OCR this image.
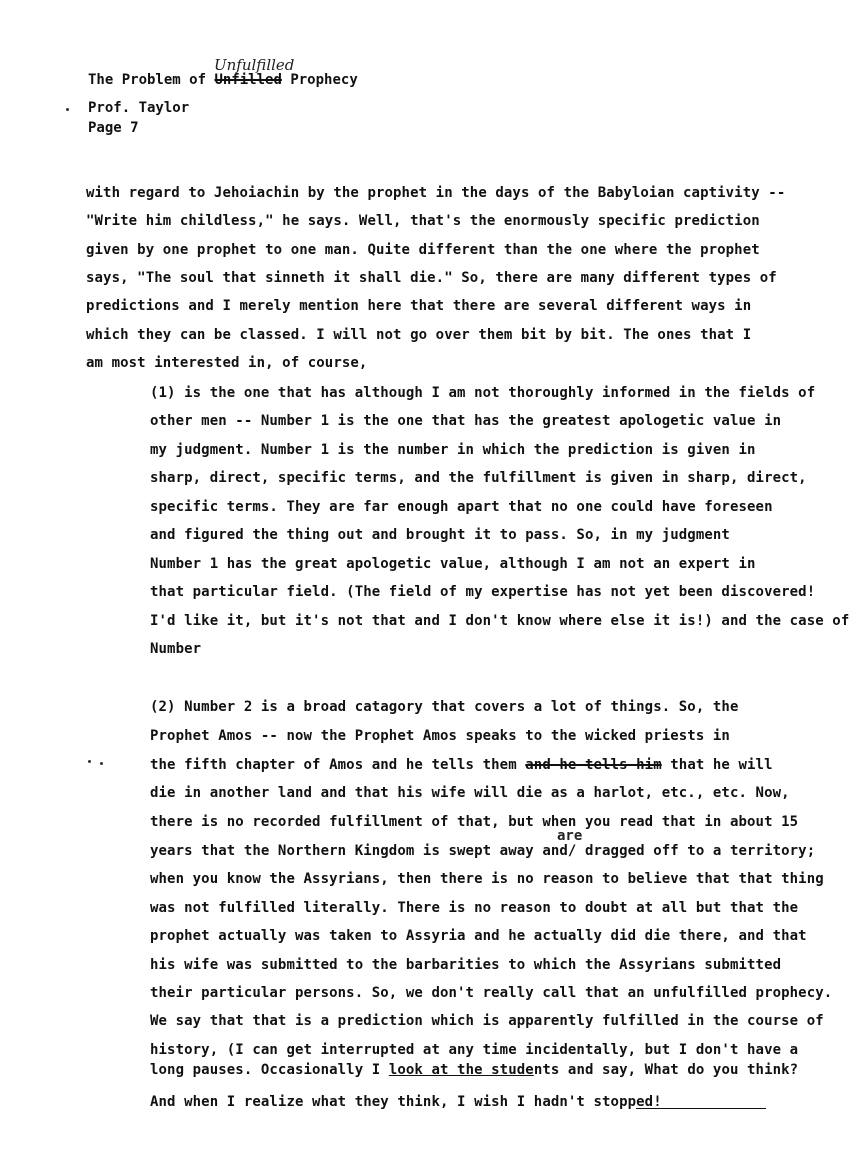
Unfulfilled
The Problem of Unfilled Prophecy
Prof. Taylor
Page 7
with regard to Jehoiachin by the prophet in the days of the Babyloian captivity --
"Write him childless," he says. Well, that's the enormously specific prediction
given by one prophet to one man. Quite different than the one where the prophet
says, "The soul that sinneth it shall die." So, there are many different types of
predictions and I merely mention here that there are several different ways in
which they can be classed. I will not go over them bit by bit. The ones that I
am most interested in, of course,
(1) is the one that has although I am not thoroughly informed in the fields of
other men -- Number 1 is the one that has the greatest apologetic value in
my judgment. Number 1 is the number in which the prediction is given in
sharp, direct, specific terms, and the fulfillment is given in sharp, direct,
specific terms. They are far enough apart that no one could have foreseen
and figured the thing out and brought it to pass. So, in my judgment
Number 1 has the great apologetic value, although I am not an expert in
that particular field. (The field of my expertise has not yet been discovered!
I'd like it, but it's not that and I don't know where else it is!) and the case of
Number
(2) Number 2 is a broad catagory that covers a lot of things. So, the
Prophet Amos -- now the Prophet Amos speaks to the wicked priests in
the fifth chapter of Amos and he tells them and he tells him that he will
die in another land and that his wife will die as a harlot, etc., etc. Now,
there is no recorded fulfillment of that, but when you read that in about 15
are
years that the Northern Kingdom is swept away and/ dragged off to a territory;
when you know the Assyrians, then there is no reason to believe that that thing
was not fulfilled literally. There is no reason to doubt at all but that the
prophet actually was taken to Assyria and he actually did die there, and that
his wife was submitted to the barbarities to which the Assyrians submitted
their particular persons. So, we don't really call that an unfulfilled prophecy.
We say that that is a prediction which is apparently fulfilled in the course of
history, (I can get interrupted at any time incidentally, but I don't have a
long pauses. Occasionally I look at the students and say, What do you think?
And when I realize what they think, I wish I hadn't stopped!
